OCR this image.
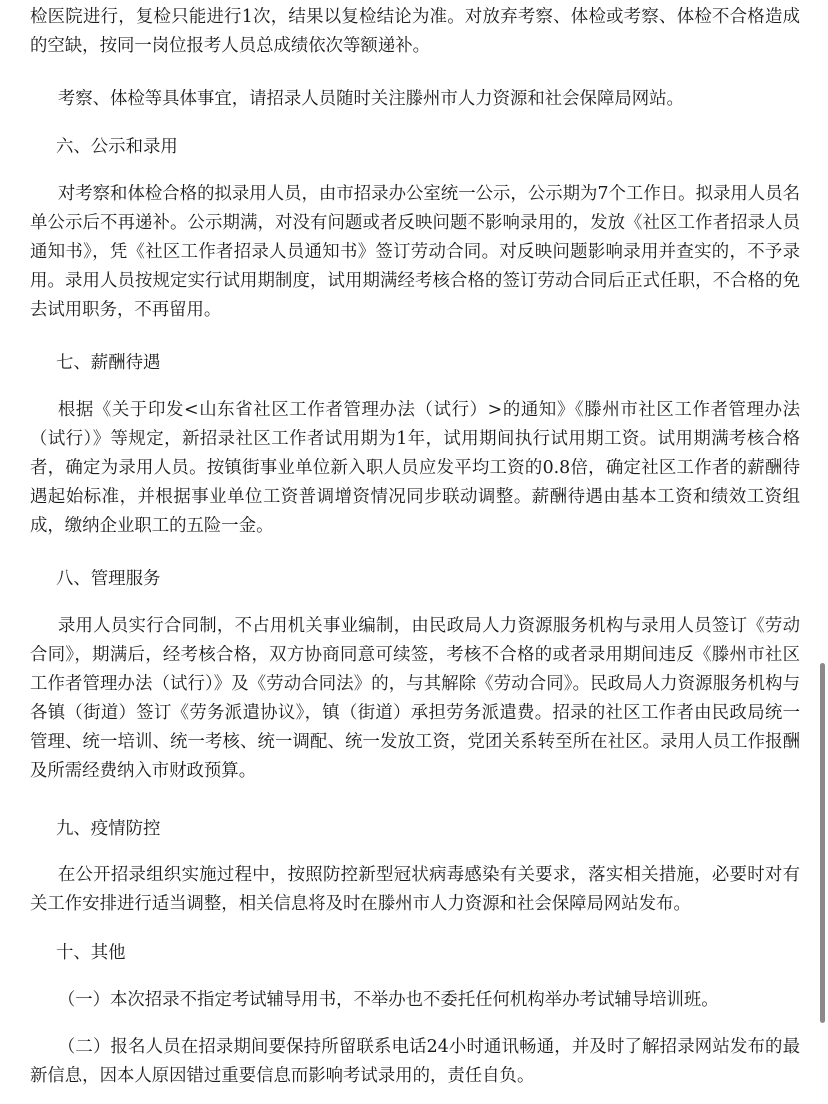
检医院进行，复检只能进行1次，结果以复检结论为准。对放弃考察、体检或考察、体检不合格造成的空缺，按同一岗位报考人员总成绩依次等额递补。

考察、体检等具体事宜，请招录人员随时关注滕州市人力资源和社会保障局网站。

六、公示和录用

对考察和体检合格的拟录用人员，由市招录办公室统一公示，公示期为7个工作日。拟录用人员名单公示后不再递补。公示期满，对没有问题或者反映问题不影响录用的，发放《社区工作者招录人员通知书》，凭《社区工作者招录人员通知书》签订劳动合同。对反映问题影响录用并查实的，不予录用。录用人员按规定实行试用期制度，试用期满经考核合格的签订劳动合同后正式任职，不合格的免去试用职务，不再留用。

七、薪酬待遇

根据《关于印发<山东省社区工作者管理办法（试行）>的通知》《滕州市社区工作者管理办法（试行）》等规定，新招录社区工作者试用期为1年，试用期间执行试用期工资。试用期满考核合格者，确定为录用人员。按镇街事业单位新入职人员应发平均工资的0.8倍，确定社区工作者的薪酬待遇起始标准，并根据事业单位工资普调增资情况同步联动调整。薪酬待遇由基本工资和绩效工资组成，缴纳企业职工的五险一金。

八、管理服务

录用人员实行合同制，不占用机关事业编制，由民政局人力资源服务机构与录用人员签订《劳动合同》，期满后，经考核合格，双方协商同意可续签，考核不合格的或者录用期间违反《滕州市社区工作者管理办法（试行）》及《劳动合同法》的，与其解除《劳动合同》。民政局人力资源服务机构与各镇（街道）签订《劳务派遣协议》，镇（街道）承担劳务派遣费。招录的社区工作者由民政局统一管理、统一培训、统一考核、统一调配、统一发放工资，党团关系转至所在社区。录用人员工作报酬及所需经费纳入市财政预算。

九、疫情防控

在公开招录组织实施过程中，按照防控新型冠状病毒感染有关要求，落实相关措施，必要时对有关工作安排进行适当调整，相关信息将及时在滕州市人力资源和社会保障局网站发布。

十、其他

（一）本次招录不指定考试辅导用书，不举办也不委托任何机构举办考试辅导培训班。

（二）报名人员在招录期间要保持所留联系电话24小时通讯畅通，并及时了解招录网站发布的最新信息，因本人原因错过重要信息而影响考试录用的，责任自负。
